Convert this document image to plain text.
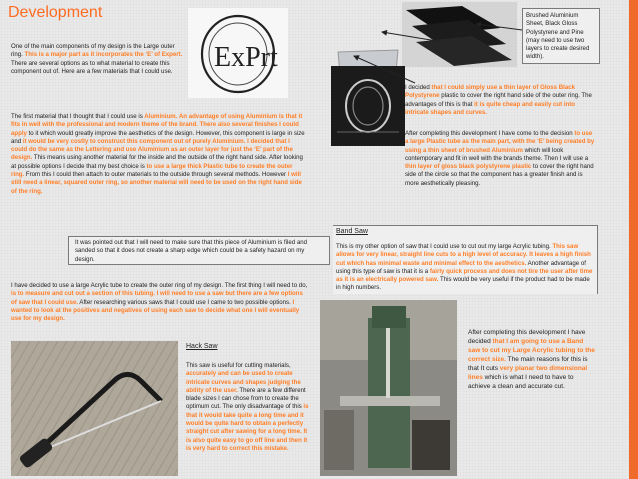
Development
One of the main components of my design is the Large outer ring. This is a major part as it incorporates the ‘E’ of Expert. There are several options as to what material to create this component out of. Here are a few materials that I could use.	ExPrt
The first material that I thought that I could use is Aluminium. An advantage of using Aluminium is that it fits in well with the professional and modern theme of the brand. There also several finishes I could apply to it which would greatly improve the aesthetics of the design. However, this component is large in size and it would be very costly to construct this component out of purely Aluminium. I decided that I could do the same as the Lettering and use Aluminium as an outer layer for just the ‘E’ part of the design. This means using another material for the inside and the outside of the right hand side. After looking at possible options I decide that my best choice is to use a large thick Plastic tube to create the outer ring. From this I could then attach to outer materials to the outside through several methods. However I will still need a linear, squared outer ring, so another material will need to be used on the right hand side of the ring.
It was pointed out that I will need to make sure that this piece of Aluminium is filed and sanded so that it does not create a sharp edge which could be a safety hazard on my design.
I have decided to use a large Acrylic tube to create the outer ring of my design. The first thing I will need to do, is to measure and cut out a section of this tubing. I will need to use a saw but there are a few options of saw that I could use. After researching various saws that I could use I came to two possible options. I wanted to look at the positives and negatives of using each saw to decide what one I will eventually use for my design.
Hack Saw
This saw is useful for cutting materials, accurately and can be used to create intricate curves and shapes judging the ability of the user. There are a few different blade sizes I can chose from to create the optimum cut. The only disadvantage of this is that it would take quite a long time and it would be quite hard to obtain a perfectly straight cut after sawing for a long time. It is also quite easy to go off line and then it is very hard to correct this mistake.
Brushed Aluminium Sheet, Black Gloss Polystyrene and Pine (may need to use two layers to create desired width).
I decided that I could simply use a thin layer of Gloss Black Polystyrene plastic to cover the right hand side of the outer ring. The advantages of this is that it is quite cheap and easily cut into intricate shapes and curves.
After completing this development I have come to the decision to use a large Plastic tube as the main part, with the ‘E’ being created by using a thin sheet of brushed Aluminium which will look contemporary and fit in well with the brands theme. Then I will use a thin layer of gloss black polystyrene plastic to cover the right hand side of the circle so that the component has a greater finish and is more aesthetically pleasing.
Band Saw
This is my other option of saw that I could use to cut out my large Acrylic tubing. This saw allows for very linear, straight line cuts to a high level of accuracy. It leaves a high finish cut which has minimal waste and minimal effect to the aesthetics. Another advantage of using this type of saw is that it is a fairly quick process and does not tire the user after time as it is an electrically powered saw. This would be very useful if the product had to be made in high numbers.
After completing this development I have decided that I am going to use a Band saw to cut my Large Acrylic tubing to the correct size. The main reasons for this is that It cuts very planar two dimensional lines which is what I need to have to achieve a clean and accurate cut.
